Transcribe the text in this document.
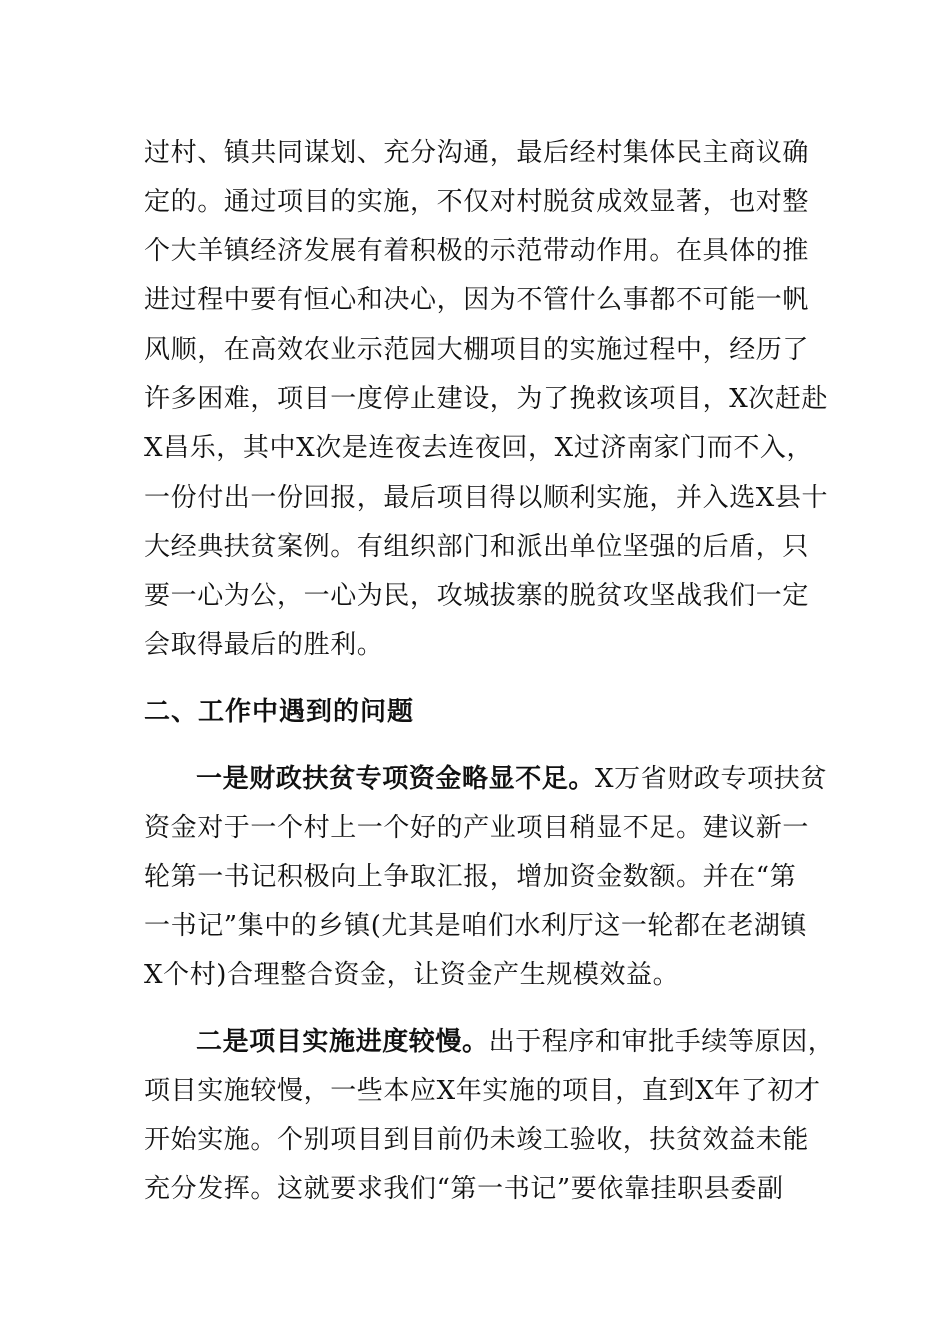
过村、镇共同谋划、充分沟通，最后经村集体民主商议确
定的。通过项目的实施，不仅对村脱贫成效显著，也对整
个大羊镇经济发展有着积极的示范带动作用。在具体的推
进过程中要有恒心和决心，因为不管什么事都不可能一帆
风顺，在高效农业示范园大棚项目的实施过程中，经历了
许多困难，项目一度停止建设，为了挽救该项目，X次赶赴
X昌乐，其中X次是连夜去连夜回，X过济南家门而不入，
一份付出一份回报，最后项目得以顺利实施，并入选X县十
大经典扶贫案例。有组织部门和派出单位坚强的后盾，只
要一心为公，一心为民，攻城拔寨的脱贫攻坚战我们一定
会取得最后的胜利。
二、工作中遇到的问题
一是财政扶贫专项资金略显不足。X万省财政专项扶贫
资金对于一个村上一个好的产业项目稍显不足。建议新一
轮第一书记积极向上争取汇报，增加资金数额。并在“第
一书记”集中的乡镇(尤其是咱们水利厅这一轮都在老湖镇
X个村)合理整合资金，让资金产生规模效益。
二是项目实施进度较慢。出于程序和审批手续等原因，
项目实施较慢，一些本应X年实施的项目，直到X年了初才
开始实施。个别项目到目前仍未竣工验收，扶贫效益未能
充分发挥。这就要求我们“第一书记”要依靠挂职县委副
